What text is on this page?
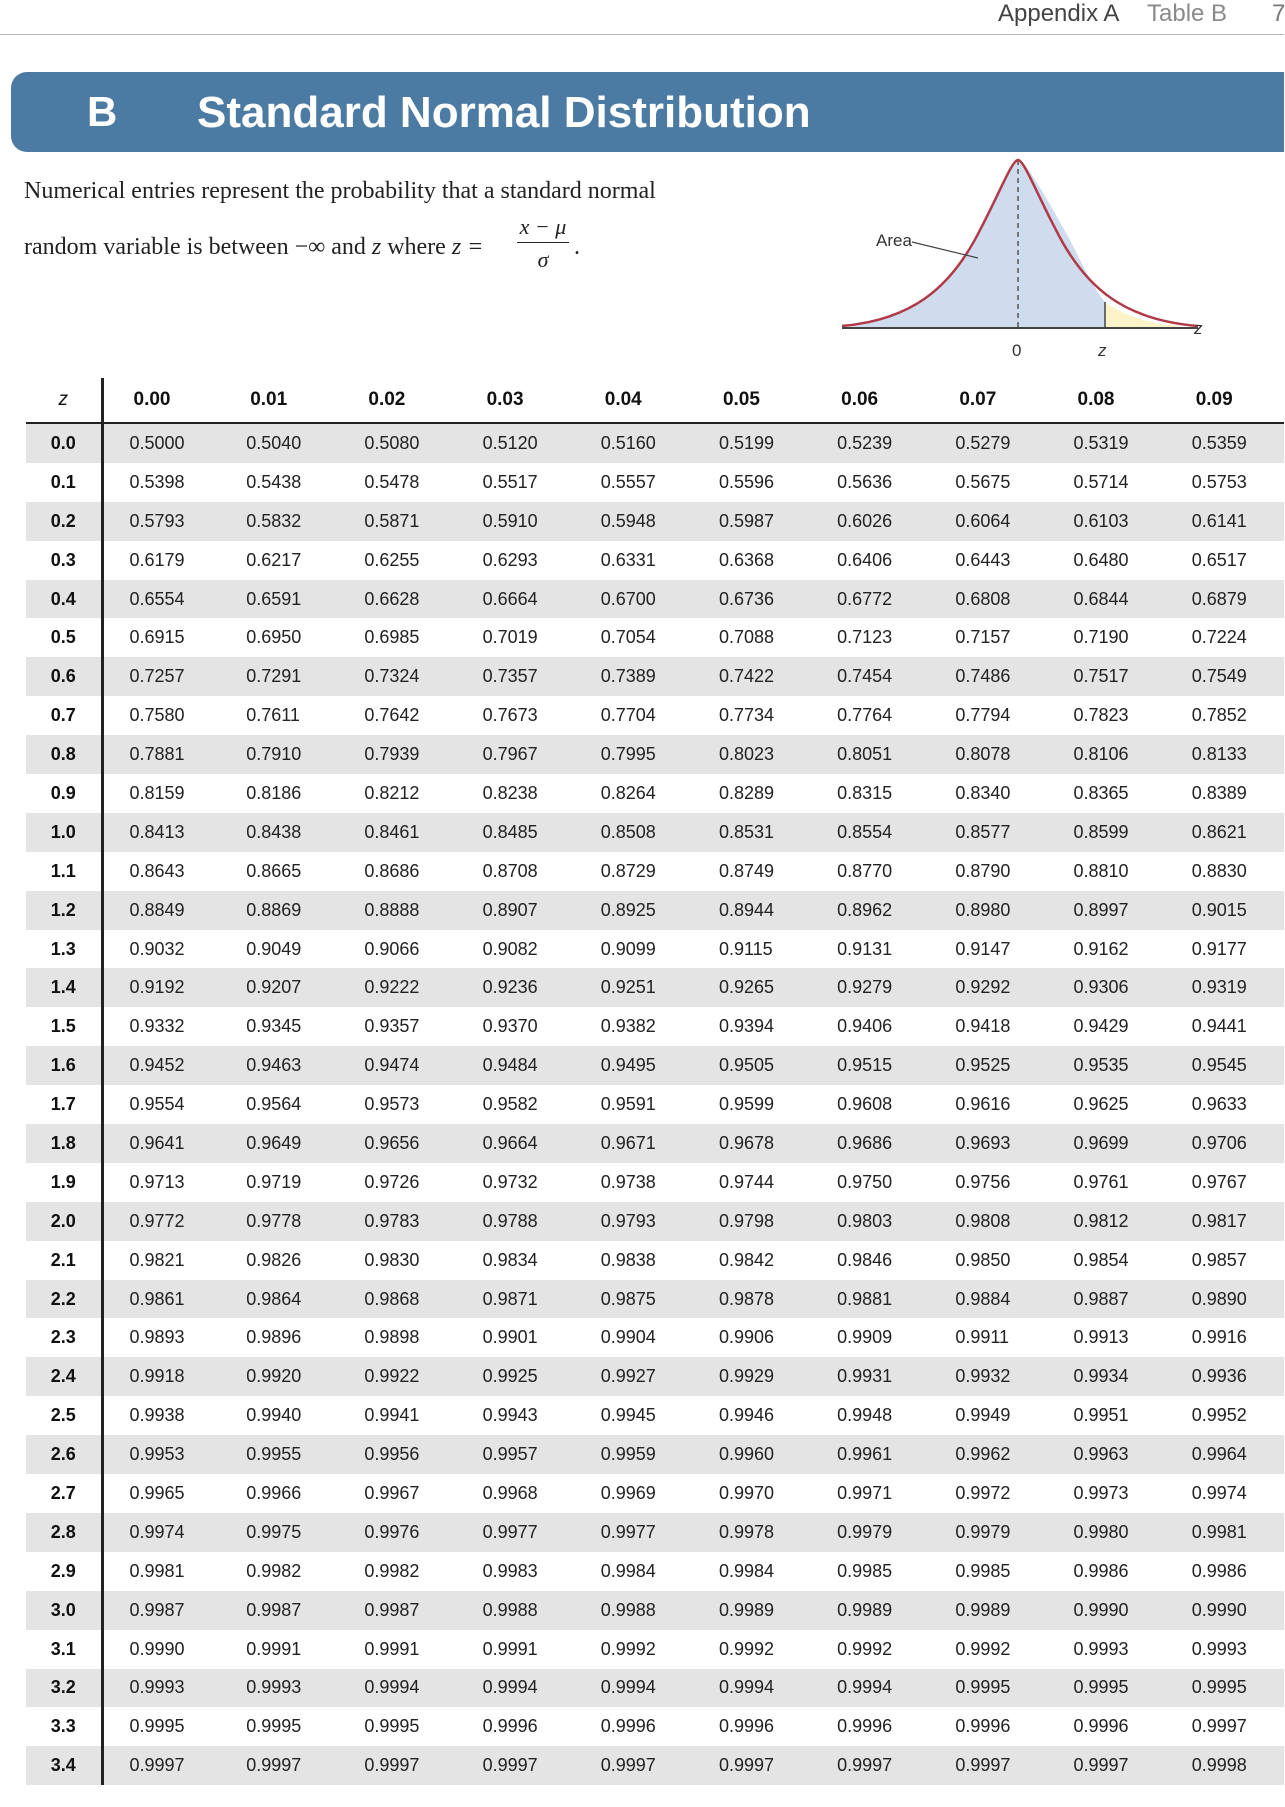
Appendix A Table B 7
B Standard Normal Distribution
Numerical entries represent the probability that a standard normal
random variable is between −∞ and z where z =
x − μ
σ	.	Area
0	z
z
z	0.00	0.01	0.02	0.03	0.04	0.05	0.06	0.07	0.08	0.09
0.0	0.5000	0.5040	0.5080	0.5120	0.5160	0.5199	0.5239	0.5279	0.5319	0.5359
0.1	0.5398	0.5438	0.5478	0.5517	0.5557	0.5596	0.5636	0.5675	0.5714	0.5753
0.2	0.5793	0.5832	0.5871	0.5910	0.5948	0.5987	0.6026	0.6064	0.6103	0.6141
0.3	0.6179	0.6217	0.6255	0.6293	0.6331	0.6368	0.6406	0.6443	0.6480	0.6517
0.4	0.6554	0.6591	0.6628	0.6664	0.6700	0.6736	0.6772	0.6808	0.6844	0.6879
0.5	0.6915	0.6950	0.6985	0.7019	0.7054	0.7088	0.7123	0.7157	0.7190	0.7224
0.6	0.7257	0.7291	0.7324	0.7357	0.7389	0.7422	0.7454	0.7486	0.7517	0.7549
0.7	0.7580	0.7611	0.7642	0.7673	0.7704	0.7734	0.7764	0.7794	0.7823	0.7852
0.8	0.7881	0.7910	0.7939	0.7967	0.7995	0.8023	0.8051	0.8078	0.8106	0.8133
0.9	0.8159	0.8186	0.8212	0.8238	0.8264	0.8289	0.8315	0.8340	0.8365	0.8389
1.0	0.8413	0.8438	0.8461	0.8485	0.8508	0.8531	0.8554	0.8577	0.8599	0.8621
1.1	0.8643	0.8665	0.8686	0.8708	0.8729	0.8749	0.8770	0.8790	0.8810	0.8830
1.2	0.8849	0.8869	0.8888	0.8907	0.8925	0.8944	0.8962	0.8980	0.8997	0.9015
1.3	0.9032	0.9049	0.9066	0.9082	0.9099	0.9115	0.9131	0.9147	0.9162	0.9177
1.4	0.9192	0.9207	0.9222	0.9236	0.9251	0.9265	0.9279	0.9292	0.9306	0.9319
1.5	0.9332	0.9345	0.9357	0.9370	0.9382	0.9394	0.9406	0.9418	0.9429	0.9441
1.6	0.9452	0.9463	0.9474	0.9484	0.9495	0.9505	0.9515	0.9525	0.9535	0.9545
1.7	0.9554	0.9564	0.9573	0.9582	0.9591	0.9599	0.9608	0.9616	0.9625	0.9633
1.8	0.9641	0.9649	0.9656	0.9664	0.9671	0.9678	0.9686	0.9693	0.9699	0.9706
1.9	0.9713	0.9719	0.9726	0.9732	0.9738	0.9744	0.9750	0.9756	0.9761	0.9767
2.0	0.9772	0.9778	0.9783	0.9788	0.9793	0.9798	0.9803	0.9808	0.9812	0.9817
2.1	0.9821	0.9826	0.9830	0.9834	0.9838	0.9842	0.9846	0.9850	0.9854	0.9857
2.2	0.9861	0.9864	0.9868	0.9871	0.9875	0.9878	0.9881	0.9884	0.9887	0.9890
2.3	0.9893	0.9896	0.9898	0.9901	0.9904	0.9906	0.9909	0.9911	0.9913	0.9916
2.4	0.9918	0.9920	0.9922	0.9925	0.9927	0.9929	0.9931	0.9932	0.9934	0.9936
2.5	0.9938	0.9940	0.9941	0.9943	0.9945	0.9946	0.9948	0.9949	0.9951	0.9952
2.6	0.9953	0.9955	0.9956	0.9957	0.9959	0.9960	0.9961	0.9962	0.9963	0.9964
2.7	0.9965	0.9966	0.9967	0.9968	0.9969	0.9970	0.9971	0.9972	0.9973	0.9974
2.8	0.9974	0.9975	0.9976	0.9977	0.9977	0.9978	0.9979	0.9979	0.9980	0.9981
2.9	0.9981	0.9982	0.9982	0.9983	0.9984	0.9984	0.9985	0.9985	0.9986	0.9986
3.0	0.9987	0.9987	0.9987	0.9988	0.9988	0.9989	0.9989	0.9989	0.9990	0.9990
3.1	0.9990	0.9991	0.9991	0.9991	0.9992	0.9992	0.9992	0.9992	0.9993	0.9993
3.2	0.9993	0.9993	0.9994	0.9994	0.9994	0.9994	0.9994	0.9995	0.9995	0.9995
3.3	0.9995	0.9995	0.9995	0.9996	0.9996	0.9996	0.9996	0.9996	0.9996	0.9997
3.4	0.9997	0.9997	0.9997	0.9997	0.9997	0.9997	0.9997	0.9997	0.9997	0.9998
